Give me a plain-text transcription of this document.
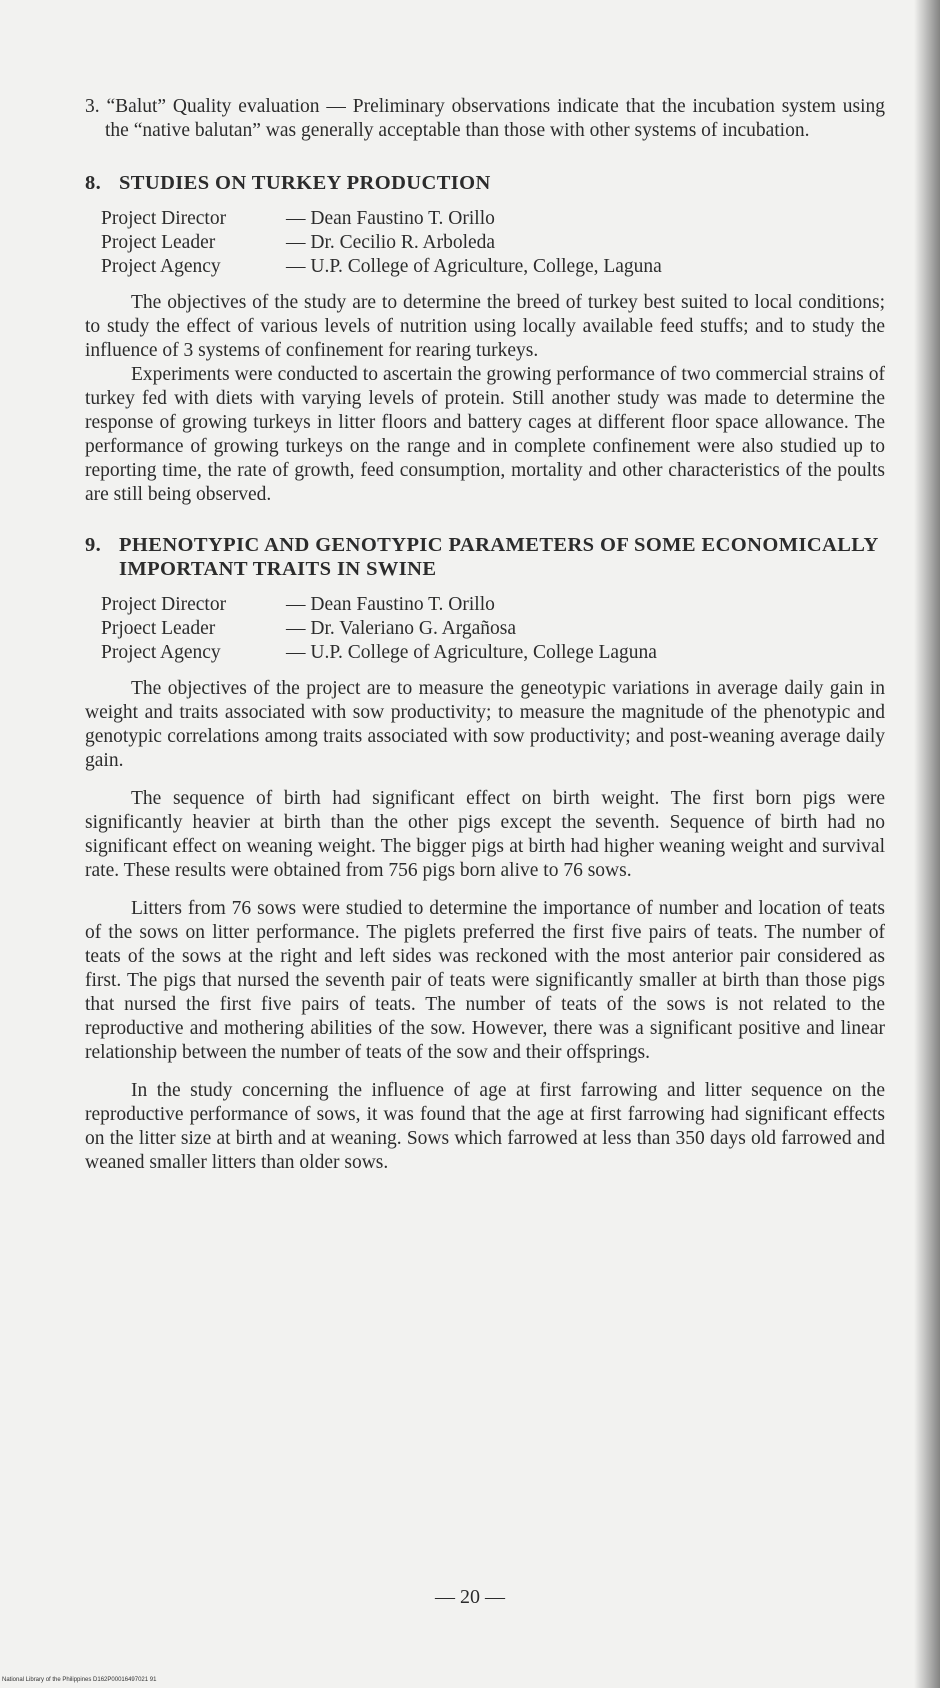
3. “Balut” Quality evaluation — Preliminary observations indicate that the incubation system using the “native balutan” was generally acceptable than those with other systems of incubation.

8. STUDIES ON TURKEY PRODUCTION
Project Director	— Dean Faustino T. Orillo
Project Leader	— Dr. Cecilio R. Arboleda
Project Agency	— U.P. College of Agriculture, College, Laguna

The objectives of the study are to determine the breed of turkey best suited to local conditions; to study the effect of various levels of nutrition using locally available feed stuffs; and to study the influence of 3 systems of confinement for rearing turkeys.

Experiments were conducted to ascertain the growing performance of two commercial strains of turkey fed with diets with varying levels of protein. Still another study was made to determine the response of growing turkeys in litter floors and battery cages at different floor space allowance. The performance of growing turkeys on the range and in complete confinement were also studied up to reporting time, the rate of growth, feed consumption, mortality and other characteristics of the poults are still being observed.

9. PHENOTYPIC AND GENOTYPIC PARAMETERS OF SOME ECONOMICALLY IMPORTANT TRAITS IN SWINE
Project Director	— Dean Faustino T. Orillo
Prjoect Leader	— Dr. Valeriano G. Argañosa
Project Agency	— U.P. College of Agriculture, College Laguna

The objectives of the project are to measure the geneotypic variations in average daily gain in weight and traits associated with sow productivity; to measure the magnitude of the phenotypic and genotypic correlations among traits associated with sow productivity; and post-weaning average daily gain.

The sequence of birth had significant effect on birth weight. The first born pigs were significantly heavier at birth than the other pigs except the seventh. Sequence of birth had no significant effect on weaning weight. The bigger pigs at birth had higher weaning weight and survival rate. These results were obtained from 756 pigs born alive to 76 sows.

Litters from 76 sows were studied to determine the importance of number and location of teats of the sows on litter performance. The piglets preferred the first five pairs of teats. The number of teats of the sows at the right and left sides was reckoned with the most anterior pair considered as first. The pigs that nursed the seventh pair of teats were significantly smaller at birth than those pigs that nursed the first five pairs of teats. The number of teats of the sows is not related to the reproductive and mothering abilities of the sow. However, there was a significant positive and linear relationship between the number of teats of the sow and their offsprings.

In the study concerning the influence of age at first farrowing and litter sequence on the reproductive performance of sows, it was found that the age at first farrowing had significant effects on the litter size at birth and at weaning. Sows which farrowed at less than 350 days old farrowed and weaned smaller litters than older sows.

— 20 —
National Library of the Philippines D162P00016497021 91
